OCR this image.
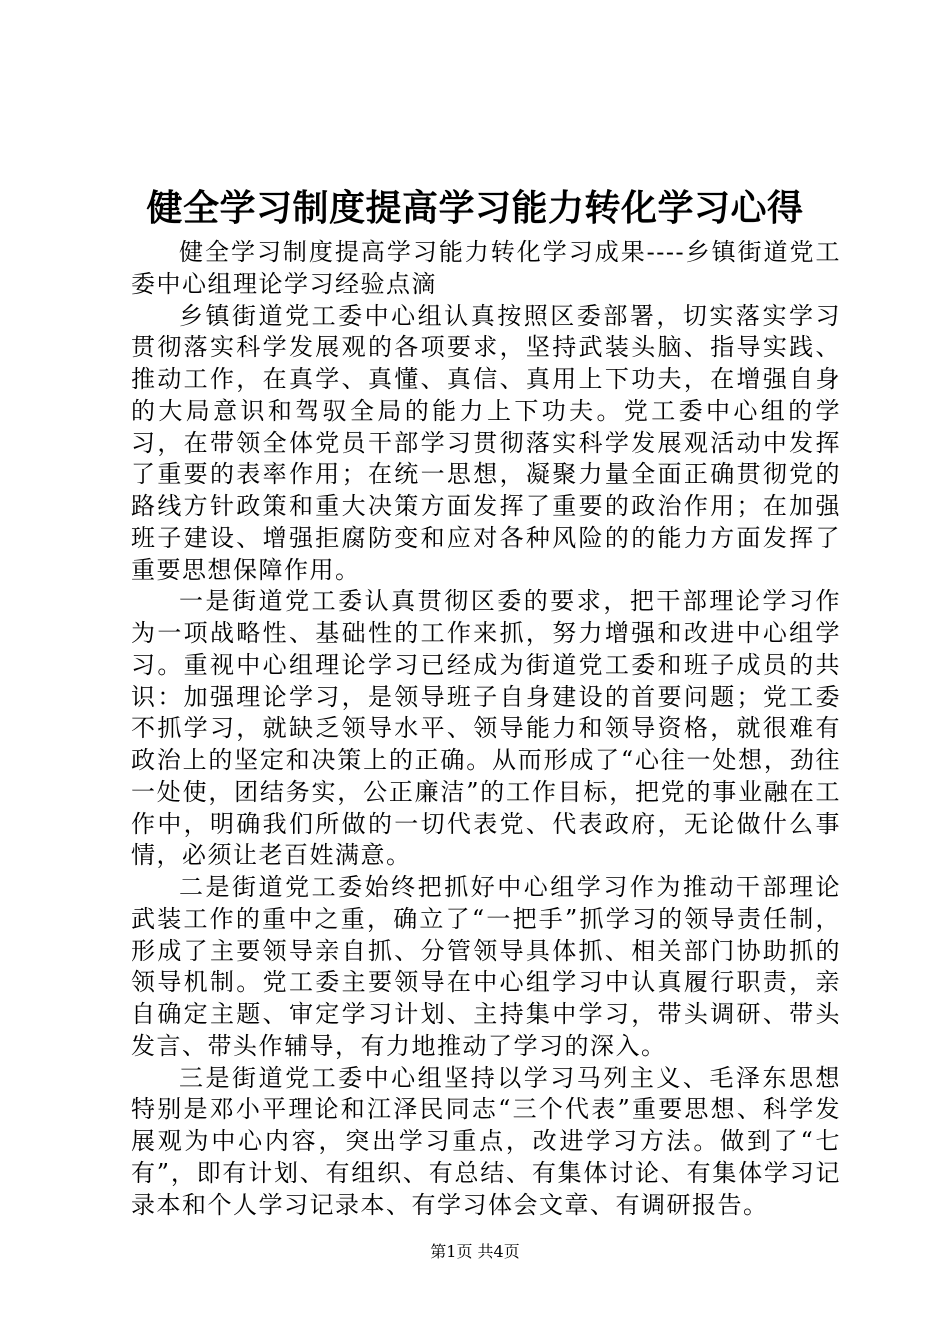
健全学习制度提高学习能力转化学习心得

健全学习制度提高学习能力转化学习成果----乡镇街道党工委中心组理论学习经验点滴

乡镇街道党工委中心组认真按照区委部署，切实落实学习贯彻落实科学发展观的各项要求，坚持武装头脑、指导实践、推动工作，在真学、真懂、真信、真用上下功夫，在增强自身的大局意识和驾驭全局的能力上下功夫。党工委中心组的学习，在带领全体党员干部学习贯彻落实科学发展观活动中发挥了重要的表率作用；在统一思想，凝聚力量全面正确贯彻党的路线方针政策和重大决策方面发挥了重要的政治作用；在加强班子建设、增强拒腐防变和应对各种风险的的能力方面发挥了重要思想保障作用。

一是街道党工委认真贯彻区委的要求，把干部理论学习作为一项战略性、基础性的工作来抓，努力增强和改进中心组学习。重视中心组理论学习已经成为街道党工委和班子成员的共识：加强理论学习，是领导班子自身建设的首要问题；党工委不抓学习，就缺乏领导水平、领导能力和领导资格，就很难有政治上的坚定和决策上的正确。从而形成了“心往一处想，劲往一处使，团结务实，公正廉洁”的工作目标，把党的事业融在工作中，明确我们所做的一切代表党、代表政府，无论做什么事情，必须让老百姓满意。

二是街道党工委始终把抓好中心组学习作为推动干部理论武装工作的重中之重，确立了“一把手”抓学习的领导责任制，形成了主要领导亲自抓、分管领导具体抓、相关部门协助抓的领导机制。党工委主要领导在中心组学习中认真履行职责，亲自确定主题、审定学习计划、主持集中学习，带头调研、带头发言、带头作辅导，有力地推动了学习的深入。

三是街道党工委中心组坚持以学习马列主义、毛泽东思想特别是邓小平理论和江泽民同志“三个代表”重要思想、科学发展观为中心内容，突出学习重点，改进学习方法。做到了“七有”，即有计划、有组织、有总结、有集体讨论、有集体学习记录本和个人学习记录本、有学习体会文章、有调研报告。

第1页 共4页
